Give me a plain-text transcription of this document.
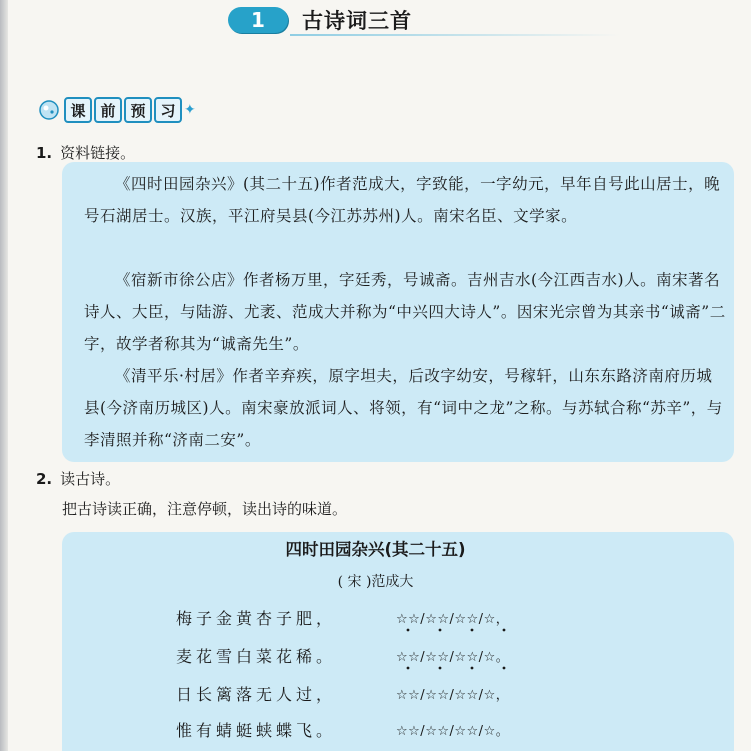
1	古诗词三首
课 前 预 习 ✦
1. 资料链接。
《四时田园杂兴》(其二十五)作者范成大，字致能，一字幼元，早年自号此山居士，晚号石湖居士。汉族，平江府吴县(今江苏苏州)人。南宋名臣、文学家。
《宿新市徐公店》作者杨万里，字廷秀，号诚斋。吉州吉水(今江西吉水)人。南宋著名诗人、大臣，与陆游、尤袤、范成大并称为“中兴四大诗人”。因宋光宗曾为其亲书“诚斋”二字，故学者称其为“诚斋先生”。
《清平乐·村居》作者辛弃疾，原字坦夫，后改字幼安，号稼轩，山东东路济南府历城县(今济南历城区)人。南宋豪放派词人、将领，有“词中之龙”之称。与苏轼合称“苏辛”，与李清照并称“济南二安”。
2. 读古诗。
把古诗读正确，注意停顿，读出诗的味道。
四时田园杂兴(其二十五)
( 宋 )范成大
梅子金黄杏子肥，	☆☆/☆☆/☆☆/☆，
麦花雪白菜花稀。	☆☆/☆☆/☆☆/☆。
日长篱落无人过，	☆☆/☆☆/☆☆/☆，
惟有蜻蜓蛱蝶飞。	☆☆/☆☆/☆☆/☆。
